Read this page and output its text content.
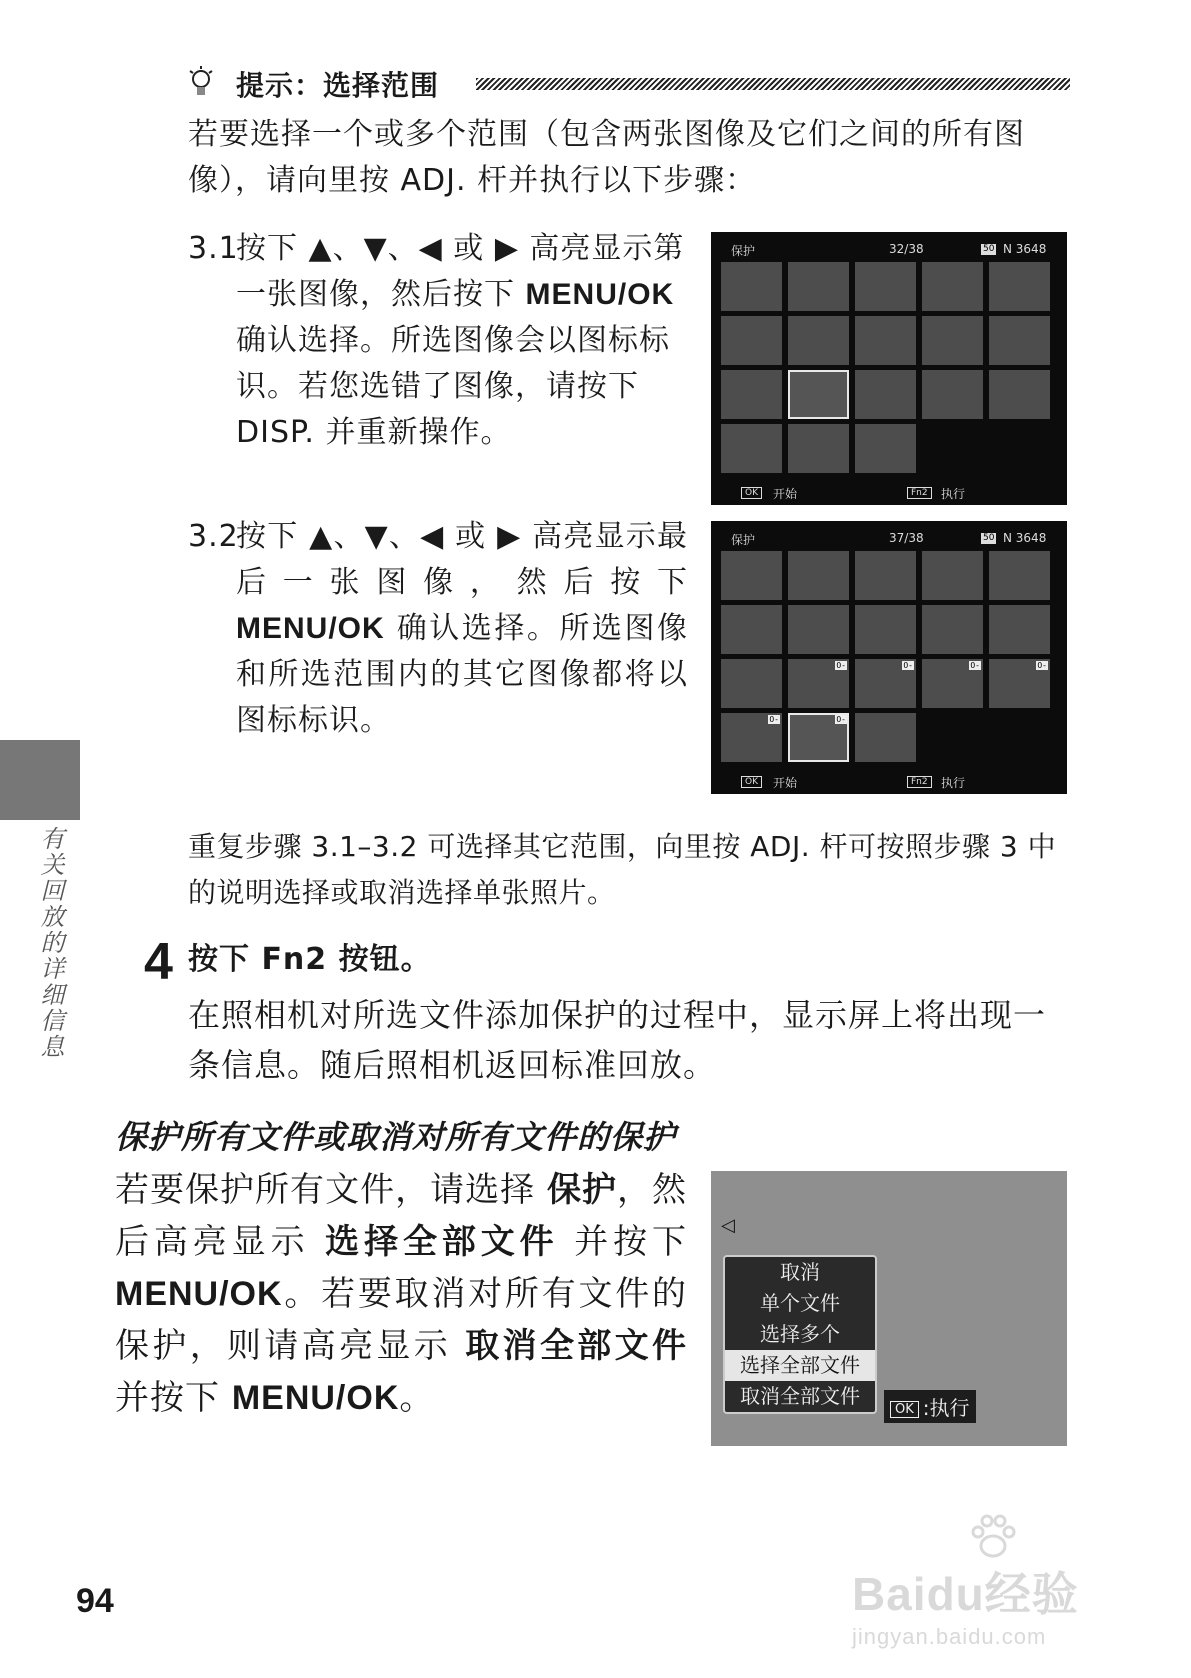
提示：选择范围
若要选择一个或多个范围（包含两张图像及它们之间的所有图像），请向里按 ADJ. 杆并执行以下步骤：
3.1
按下 ▲、▼、◀ 或 ▶ 高亮显示第一张图像，然后按下 MENU/OK 确认选择。所选图像会以图标标识。若您选错了图像，请按下 DISP. 并重新操作。
保护	32/38	50 N 3648
OK	开始	Fn2	执行
3.2
按下 ▲、▼、◀ 或 ▶ 高亮显示最后一张图像，然后按下 MENU/OK 确认选择。所选图像和所选范围内的其它图像都将以图标标识。
保护	37/38	50 N 3648
O-	O-	O-	O-
O-	O-
OK	开始	Fn2	执行
重复步骤 3.1–3.2 可选择其它范围，向里按 ADJ. 杆可按照步骤 3 中的说明选择或取消选择单张照片。
4 按下 Fn2 按钮。
在照相机对所选文件添加保护的过程中，显示屏上将出现一条信息。随后照相机返回标准回放。
保护所有文件或取消对所有文件的保护
若要保护所有文件，请选择 保护，然后高亮显示 选择全部文件 并按下 MENU/OK。若要取消对所有文件的保护，则请高亮显示 取消全部文件 并按下 MENU/OK。
◁
取消
单个文件
选择多个
选择全部文件
取消全部文件
OK :执行
有关回放的详细信息
94	Baidu经验
jingyan.baidu.com
